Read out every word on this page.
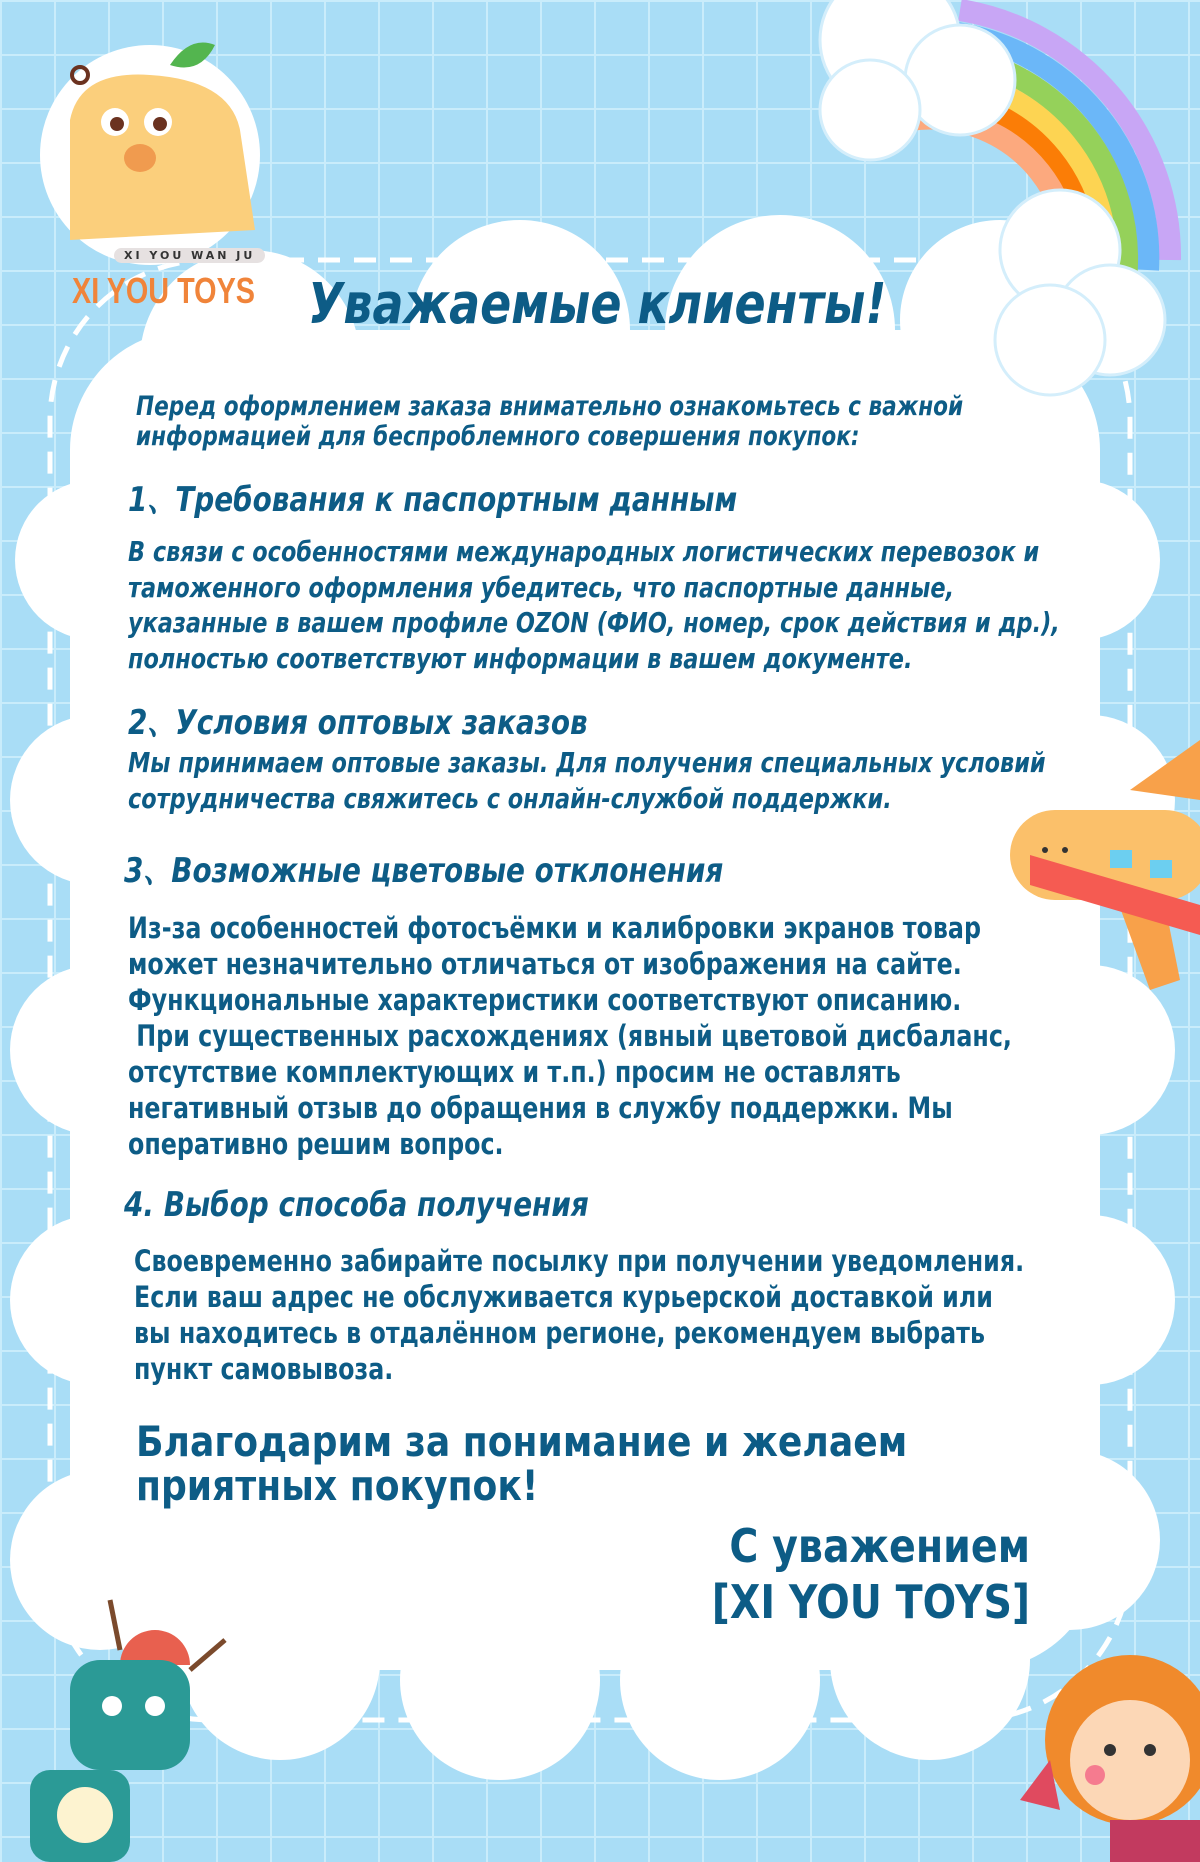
XI YOU WAN JU
XI YOU TOYS Уважаемые клиенты!
Перед оформлением заказа внимательно ознакомьтесь с важной
информацией для беспроблемного совершения покупок:
1、Требования к паспортным данным
В связи с особенностями международных логистических перевозок и
таможенного оформления убедитесь, что паспортные данные,
указанные в вашем профиле OZON (ФИО, номер, срок действия и др.),
полностью соответствуют информации в вашем документе.
2、Условия оптовых заказов
Мы принимаем оптовые заказы. Для получения специальных условий
сотрудничества свяжитесь с онлайн-службой поддержки.
3、Возможные цветовые отклонения
Из-за особенностей фотосъёмки и калибровки экранов товар
может незначительно отличаться от изображения на сайте.
Функциональные характеристики соответствуют описанию.
При существенных расхождениях (явный цветовой дисбаланс,
отсутствие комплектующих и т.п.) просим не оставлять
негативный отзыв до обращения в службу поддержки. Мы
оперативно решим вопрос.
4. Выбор способа получения
Своевременно забирайте посылку при получении уведомления.
Если ваш адрес не обслуживается курьерской доставкой или
вы находитесь в отдалённом регионе, рекомендуем выбрать
пункт самовывоза.
Благодарим за понимание и желаем
приятных покупок!
С уважением
[XI YOU TOYS]
